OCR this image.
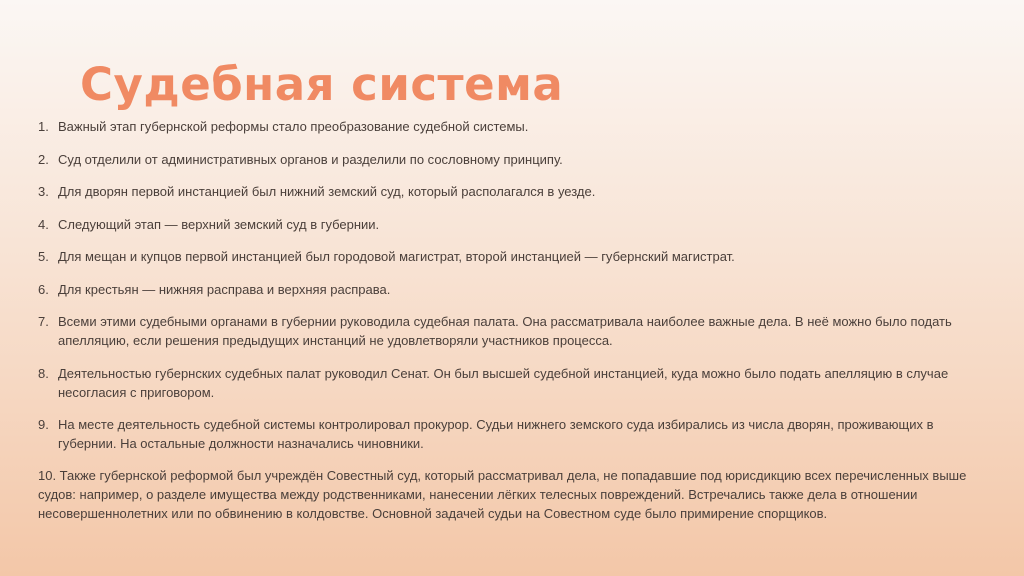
Судебная система
1. Важный этап губернской реформы стало преобразование судебной системы.
2. Суд отделили от административных органов и разделили по сословному принципу.
3. Для дворян первой инстанцией был нижний земский суд, который располагался в уезде.
4. Следующий этап — верхний земский суд в губернии.
5. Для мещан и купцов первой инстанцией был городовой магистрат, второй инстанцией — губернский магистрат.
6. Для крестьян — нижняя расправа и верхняя расправа.
7. Всеми этими судебными органами в губернии руководила судебная палата. Она рассматривала наиболее важные дела. В неё можно было подать апелляцию, если решения предыдущих инстанций не удовлетворяли участников процесса.
8. Деятельностью губернских судебных палат руководил Сенат. Он был высшей судебной инстанцией, куда можно было подать апелляцию в случае несогласия с приговором.
9. На месте деятельность судебной системы контролировал прокурор. Судьи нижнего земского суда избирались из числа дворян, проживающих в губернии. На остальные должности назначались чиновники.
10. Также губернской реформой был учреждён Совестный суд, который рассматривал дела, не попадавшие под юрисдикцию всех перечисленных выше судов: например, о разделе имущества между родственниками, нанесении лёгких телесных повреждений. Встречались также дела в отношении несовершеннолетних или по обвинению в колдовстве. Основной задачей судьи на Совестном суде было примирение спорщиков.
